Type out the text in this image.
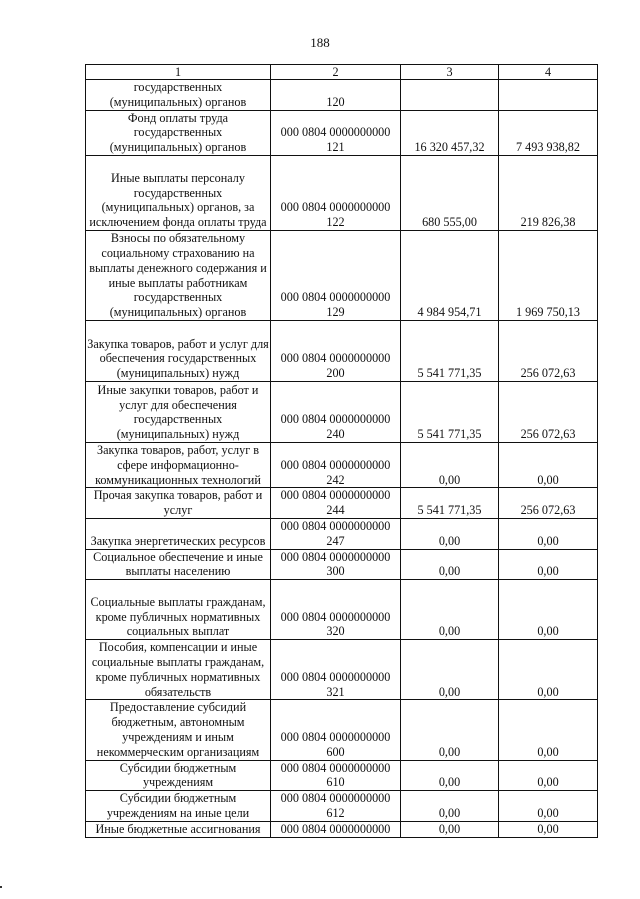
188
1	2	3	4
государственных (муниципальных) органов	120		
Фонд оплаты труда государственных (муниципальных) органов	000 0804 0000000000 121	16 320 457,32	7 493 938,82
Иные выплаты персоналу государственных (муниципальных) органов, за исключением фонда оплаты труда	000 0804 0000000000 122	680 555,00	219 826,38
Взносы по обязательному социальному страхованию на выплаты денежного содержания и иные выплаты работникам государственных (муниципальных) органов	000 0804 0000000000 129	4 984 954,71	1 969 750,13
Закупка товаров, работ и услуг для обеспечения государственных (муниципальных) нужд	000 0804 0000000000 200	5 541 771,35	256 072,63
Иные закупки товаров, работ и услуг для обеспечения государственных (муниципальных) нужд	000 0804 0000000000 240	5 541 771,35	256 072,63
Закупка товаров, работ, услуг в сфере информационно-коммуникационных технологий	000 0804 0000000000 242	0,00	0,00
Прочая закупка товаров, работ и услуг	000 0804 0000000000 244	5 541 771,35	256 072,63
Закупка энергетических ресурсов	000 0804 0000000000 247	0,00	0,00
Социальное обеспечение и иные выплаты населению	000 0804 0000000000 300	0,00	0,00
Социальные выплаты гражданам, кроме публичных нормативных социальных выплат	000 0804 0000000000 320	0,00	0,00
Пособия, компенсации и иные социальные выплаты гражданам, кроме публичных нормативных обязательств	000 0804 0000000000 321	0,00	0,00
Предоставление субсидий бюджетным, автономным учреждениям и иным некоммерческим организациям	000 0804 0000000000 600	0,00	0,00
Субсидии бюджетным учреждениям	000 0804 0000000000 610	0,00	0,00
Субсидии бюджетным учреждениям на иные цели	000 0804 0000000000 612	0,00	0,00
Иные бюджетные ассигнования	000 0804 0000000000	0,00	0,00
